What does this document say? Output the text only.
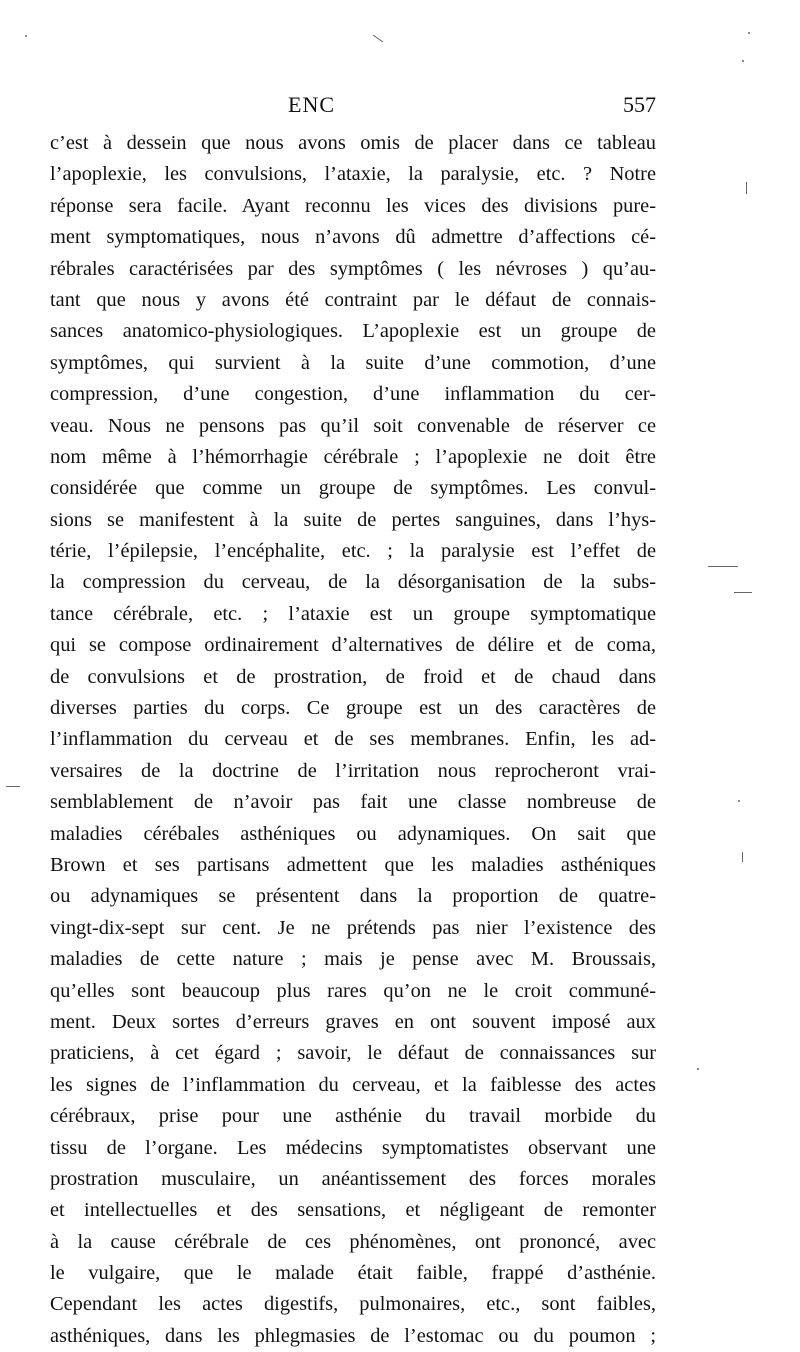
ENC	557
c’est à dessein que nous avons omis de placer dans ce tableau
l’apoplexie, les convulsions, l’ataxie, la paralysie, etc. ? Notre
réponse sera facile. Ayant reconnu les vices des divisions pure-
ment symptomatiques, nous n’avons dû admettre d’affections cé-
rébrales caractérisées par des symptômes ( les névroses ) qu’au-
tant que nous y avons été contraint par le défaut de connais-
sances anatomico-physiologiques. L’apoplexie est un groupe de
symptômes, qui survient à la suite d’une commotion, d’une
compression, d’une congestion, d’une inflammation du cer-
veau. Nous ne pensons pas qu’il soit convenable de réserver ce
nom même à l’hémorrhagie cérébrale ; l’apoplexie ne doit être
considérée que comme un groupe de symptômes. Les convul-
sions se manifestent à la suite de pertes sanguines, dans l’hys-
térie, l’épilepsie, l’encéphalite, etc. ; la paralysie est l’effet de
la compression du cerveau, de la désorganisation de la subs-
tance cérébrale, etc. ; l’ataxie est un groupe symptomatique
qui se compose ordinairement d’alternatives de délire et de coma,
de convulsions et de prostration, de froid et de chaud dans
diverses parties du corps. Ce groupe est un des caractères de
l’inflammation du cerveau et de ses membranes. Enfin, les ad-
versaires de la doctrine de l’irritation nous reprocheront vrai-
semblablement de n’avoir pas fait une classe nombreuse de
maladies cérébales asthéniques ou adynamiques. On sait que
Brown et ses partisans admettent que les maladies asthéniques
ou adynamiques se présentent dans la proportion de quatre-
vingt-dix-sept sur cent. Je ne prétends pas nier l’existence des
maladies de cette nature ; mais je pense avec M. Broussais,
qu’elles sont beaucoup plus rares qu’on ne le croit communé-
ment. Deux sortes d’erreurs graves en ont souvent imposé aux
praticiens, à cet égard ; savoir, le défaut de connaissances sur
les signes de l’inflammation du cerveau, et la faiblesse des actes
cérébraux, prise pour une asthénie du travail morbide du
tissu de l’organe. Les médecins symptomatistes observant une
prostration musculaire, un anéantissement des forces morales
et intellectuelles et des sensations, et négligeant de remonter
à la cause cérébrale de ces phénomènes, ont prononcé, avec
le vulgaire, que le malade était faible, frappé d’asthénie.
Cependant les actes digestifs, pulmonaires, etc., sont faibles,
asthéniques, dans les phlegmasies de l’estomac ou du poumon ;
